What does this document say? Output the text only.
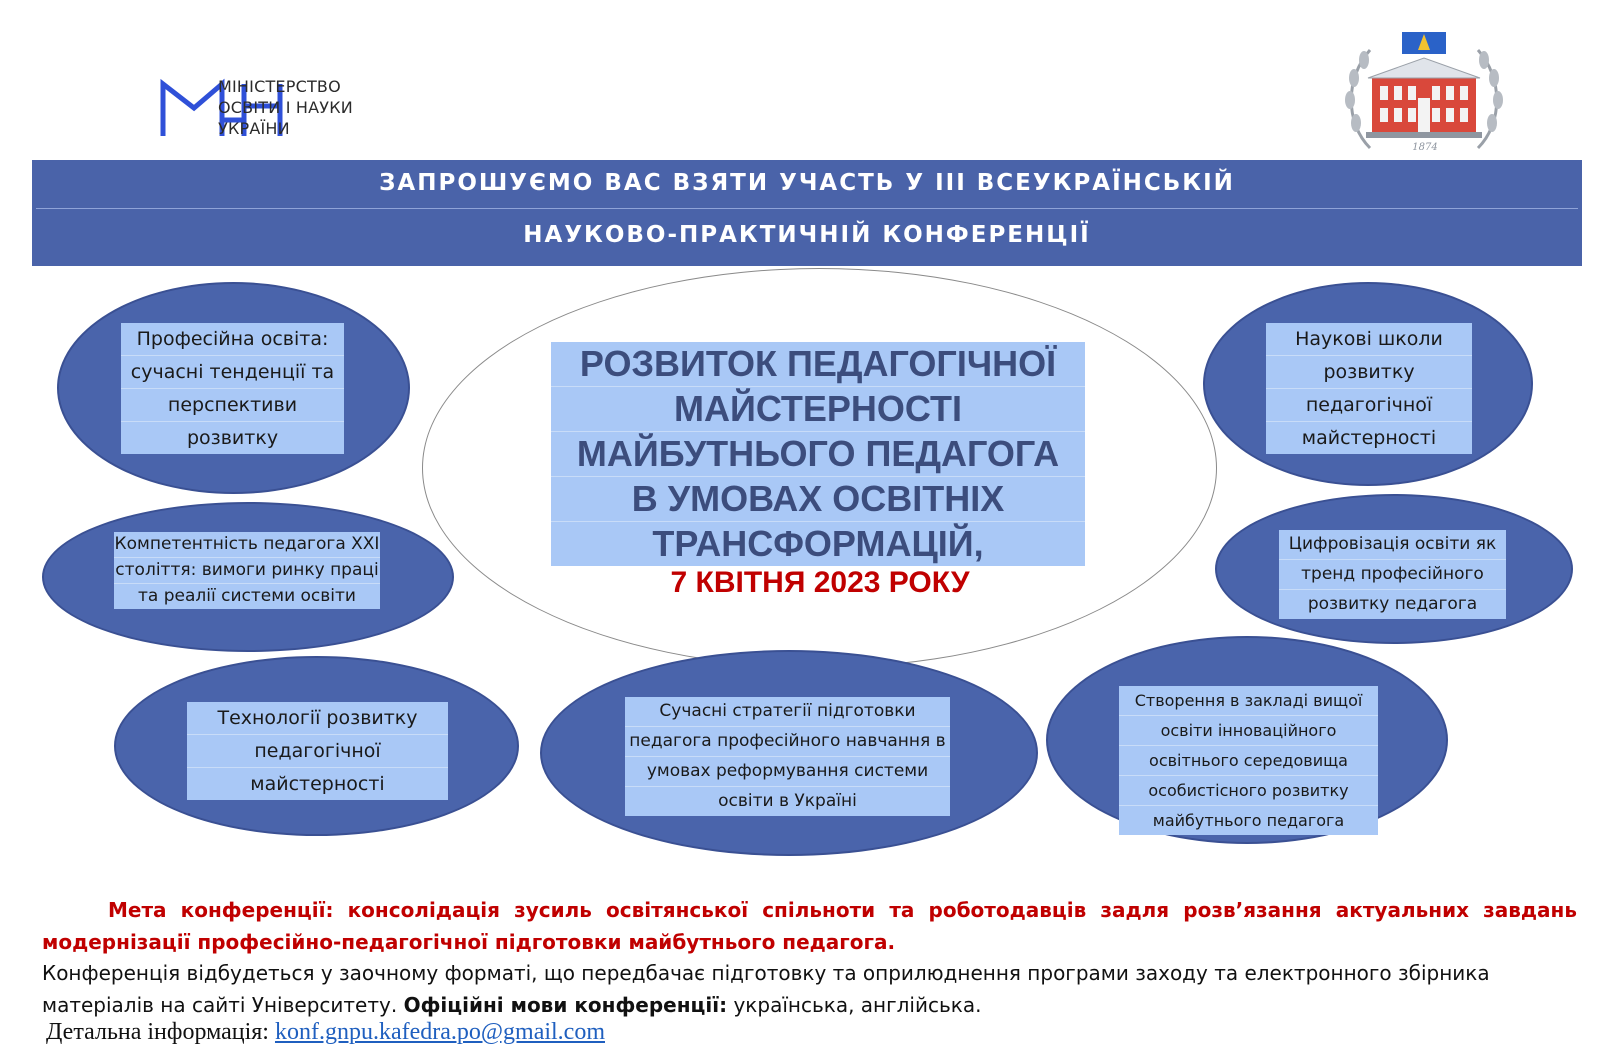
МІНІСТЕРСТВО
ОСВІТИ І НАУКИ
УКРАЇНИ
1874
ЗАПРОШУЄМО ВАС ВЗЯТИ УЧАСТЬ У ІІІ ВСЕУКРАЇНСЬКІЙ
НАУКОВО-ПРАКТИЧНІЙ КОНФЕРЕНЦІЇ
РОЗВИТОК ПЕДАГОГІЧНОЇ
МАЙСТЕРНОСТІ
МАЙБУТНЬОГО ПЕДАГОГА
В УМОВАХ ОСВІТНІХ
ТРАНСФОРМАЦІЙ,
7 КВІТНЯ 2023 РОКУ
Професійна освіта:
сучасні тенденції та
перспективи
розвитку
Компетентність педагога ХХІ
століття: вимоги ринку праці
та реалії системи освіти
Технології розвитку
педагогічної
майстерності
Сучасні стратегії підготовки
педагога професійного навчання в
умовах реформування системи
освіти в Україні
Створення в закладі вищої
освіти інноваційного
освітнього середовища
особистісного розвитку
майбутнього педагога
Наукові школи
розвитку
педагогічної
майстерності
Цифровізація освіти як
тренд професійного
розвитку педагога
Мета конференції: консолідація зусиль освітянської спільноти та роботодавців задля розв’язання актуальних завдань модернізації професійно-педагогічної підготовки майбутнього педагога.
Конференція відбудеться у заочному форматі, що передбачає підготовку та оприлюднення програми заходу та електронного збірника матеріалів на сайті Університету. Офіційні мови конференції: українська, англійська.
Детальна інформація: konf.gnpu.kafedra.po@gmail.com
